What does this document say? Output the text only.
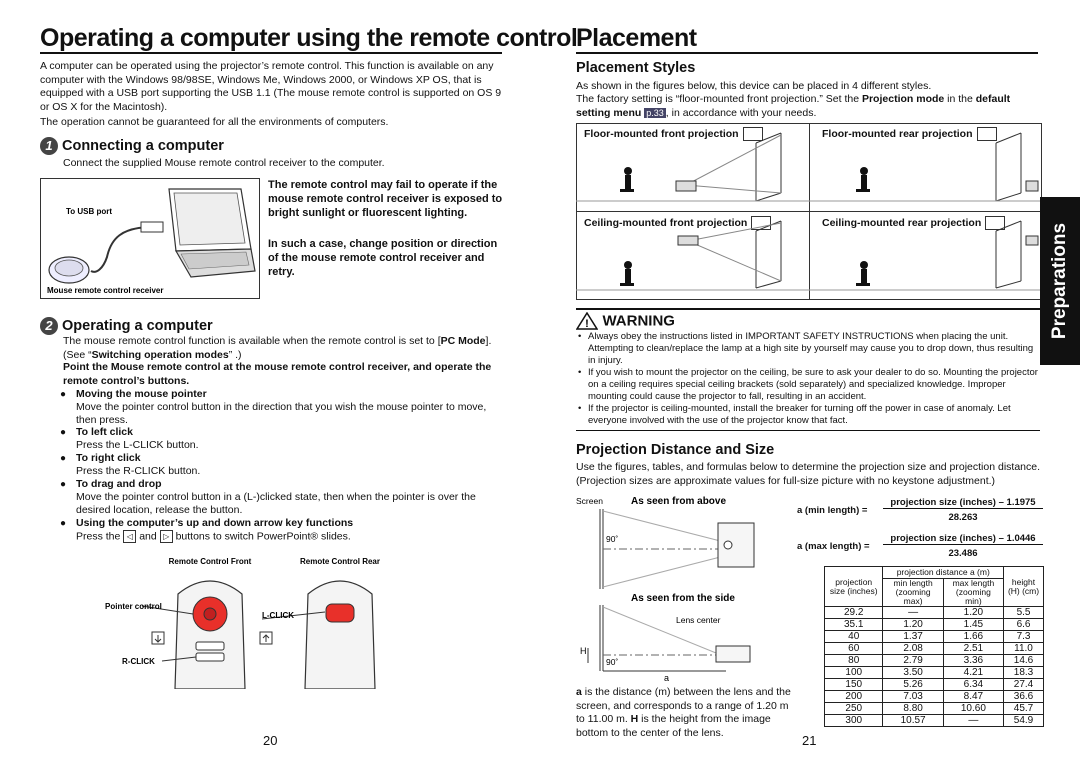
Operating a computer using the remote control
A computer can be operated using the projector’s remote control. This function is available on any computer with the Windows 98/98SE, Windows Me, Windows 2000, or Windows XP OS, that is equipped with a USB port supporting the USB 1.1 (The mouse remote control is supported on OS 9 or OS X for the Macintosh).
The operation cannot be guaranteed for all the environments of computers.
1 Connecting a computer
Connect the supplied Mouse remote control receiver to the computer.
To USB port
Mouse remote control receiver
The remote control may fail to operate if the mouse remote control receiver is exposed to bright sunlight or fluorescent lighting.
In such a case, change position or direction of the mouse remote control receiver and retry.
2 Operating a computer
The mouse remote control function is available when the remote control is set to [PC Mode]. (See “Switching operation modes” .)
Point the Mouse remote control at the mouse remote control receiver, and operate the remote control’s buttons.
● Moving the mouse pointer
Move the pointer control button in the direction that you wish the mouse pointer to move, then press.
● To left click
Press the L-CLICK button.
● To right click
Press the R-CLICK button.
● To drag and drop
Move the pointer control button in a (L-)clicked state, then when the pointer is over the desired location, release the button.
● Using the computer’s up and down arrow key functions
Press the ◁ and ▷ buttons to switch PowerPoint® slides.
Remote Control Front	Remote Control Rear
Pointer control
L-CLICK
R-CLICK
20
Placement
Placement Styles
As shown in the figures below, this device can be placed in 4 different styles.
The factory setting is “floor-mounted front projection.” Set the Projection mode in the default setting menu p.33 , in accordance with your needs.
Floor-mounted front projection	Floor-mounted rear projection
Ceiling-mounted front projection	Ceiling-mounted rear projection
! WARNING
• Always obey the instructions listed in IMPORTANT SAFETY INSTRUCTIONS when placing the unit. Attempting to clean/replace the lamp at a high site by yourself may cause you to drop down, thus resulting in injury.
• If you wish to mount the projector on the ceiling, be sure to ask your dealer to do so. Mounting the projector on a ceiling requires special ceiling brackets (sold separately) and specialized knowledge. Improper mounting could cause the projector to fall, resulting in an accident.
• If the projector is ceiling-mounted, install the breaker for turning off the power in case of anomaly. Let everyone involved with the use of the projector know that fact.
Projection Distance and Size
Use the figures, tables, and formulas below to determine the projection size and projection distance. (Projection sizes are approximate values for full-size picture with no keystone adjustment.)
Screen	As seen from above
90˚
As seen from the side
Lens center
H
90˚
a
a is the distance (m) between the lens and the screen, and corresponds to a range of 1.20 m to 11.00 m. H is the height from the image bottom to the center of the lens.
a (min length) =
projection size (inches) – 1.1975
28.263
a (max length) =
projection size (inches) – 1.0446
23.486
projection size (inches)	projection distance a (m)		height (H) (cm)
	min length (zooming max)	max length (zooming min)	
29.2	—	1.20	5.5
35.1	1.20	1.45	6.6
40	1.37	1.66	7.3
60	2.08	2.51	11.0
80	2.79	3.36	14.6
100	3.50	4.21	18.3
150	5.26	6.34	27.4
200	7.03	8.47	36.6
250	8.80	10.60	45.7
300	10.57	—	54.9
Preparations
21
